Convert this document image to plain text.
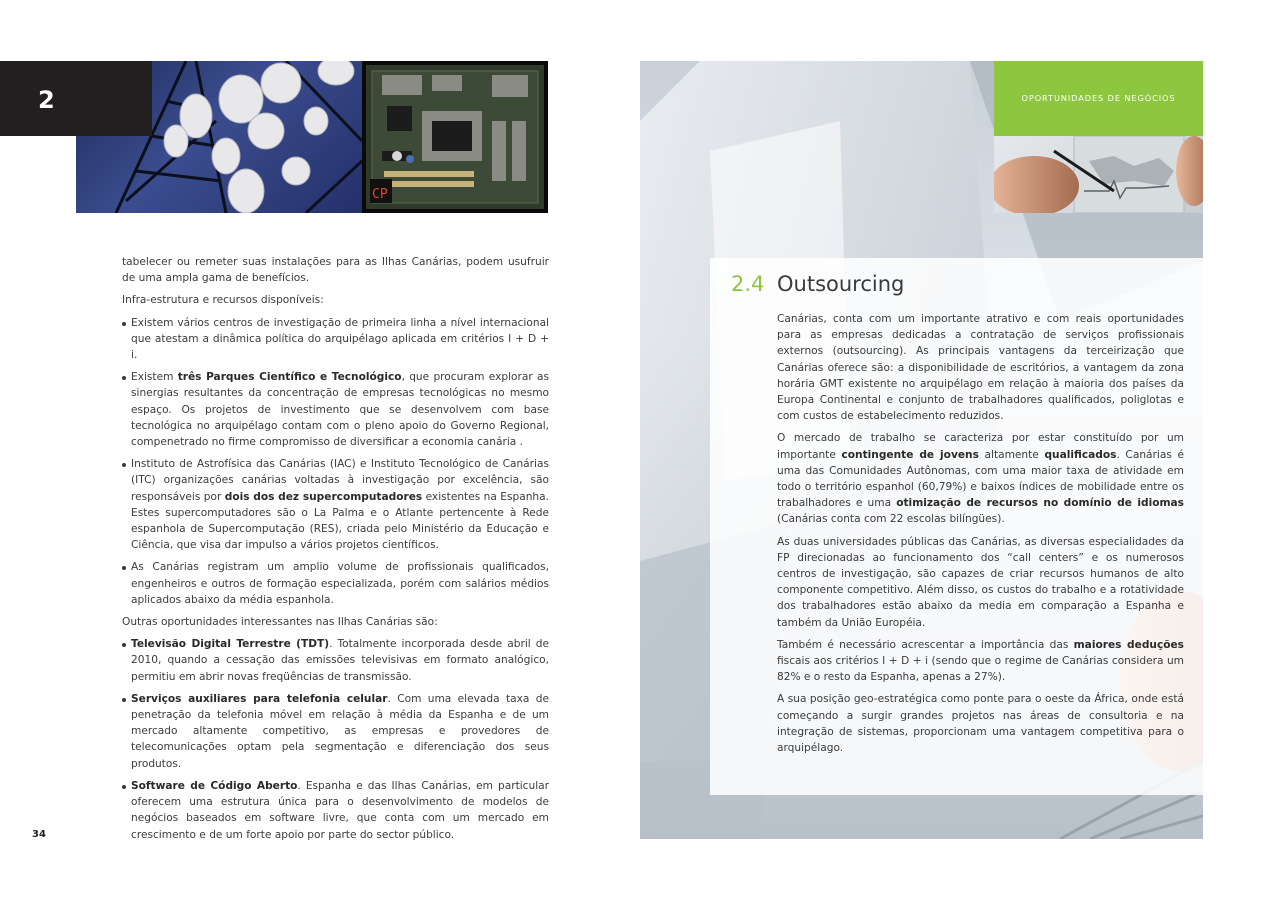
CP
2

tabelecer ou remeter suas instalações para as Ilhas Canárias, podem usufruir de uma ampla gama de benefícios.

Infra-estrutura e recursos disponíveis:

Existem vários centros de investigação de primeira linha a nível internacional que atestam a dinâmica política do arquipélago aplicada em critérios I + D + i.
Existem três Parques Científico e Tecnológico, que procuram explorar as sinergias resultantes da concentração de empresas tecnológicas no mesmo espaço. Os projetos de investimento que se desenvolvem com base tecnológica no arquipélago contam com o pleno apoio do Governo Regional, compenetrado no firme compromisso de diversificar a economia canária .
Instituto de Astrofísica das Canárias (IAC) e Instituto Tecnológico de Canárias (ITC) organizações canárias voltadas à investigação por excelência, são responsáveis por dois dos dez supercomputadores existentes na Espanha. Estes supercomputadores são o La Palma e o Atlante pertencente à Rede espanhola de Supercomputação (RES), criada pelo Ministério da Educação e Ciência, que visa dar impulso a vários projetos científicos.
As Canárias registram um amplio volume de profissionais qualificados, engenheiros e outros de formação especializada, porém com salários médios aplicados abaixo da média espanhola.

Outras oportunidades interessantes nas Ilhas Canárias são:

Televisão Digital Terrestre (TDT). Totalmente incorporada desde abril de 2010, quando a cessação das emissões televisivas em formato analógico, permitiu em abrir novas freqüências de transmissão.
Serviços auxiliares para telefonia celular. Com uma elevada taxa de penetração da telefonia móvel em relação à média da Espanha e de um mercado altamente competitivo, as empresas e provedores de telecomunicações optam pela segmentação e diferenciação dos seus produtos.
Software de Código Aberto. Espanha e das Ilhas Canárias, em particular oferecem uma estrutura única para o desenvolvimento de modelos de negócios baseados em software livre, que conta com um mercado em crescimento e de um forte apoio por parte do sector público.
34
OPORTUNIDADES DE NEGÓCIOS
2.4 Outsourcing

Canárias, conta com um importante atrativo e com reais oportunidades para as empresas dedicadas a contratação de serviços profissionais externos (outsourcing). As principais vantagens da terceirização que Canárias oferece são: a disponibilidade de escritórios, a vantagem da zona horária GMT existente no arquipélago em relação à maioria dos países da Europa Continental e conjunto de trabalhadores qualificados, poliglotas e com custos de estabelecimento reduzidos.

O mercado de trabalho se caracteriza por estar constituído por um importante contingente de jovens altamente qualificados. Canárias é uma das Comunidades Autônomas, com uma maior taxa de atividade em todo o território espanhol (60,79%) e baixos índices de mobilidade entre os trabalhadores e uma otimização de recursos no domínio de idiomas (Canárias conta com 22 escolas bilíngües).

As duas universidades públicas das Canárias, as diversas especialidades da FP direcionadas ao funcionamento dos “call centers” e os numerosos centros de investigação, são capazes de criar recursos humanos de alto componente competitivo. Além disso, os custos do trabalho e a rotatividade dos trabalhadores estão abaixo da media em comparação a Espanha e também da União Européia.

Também é necessário acrescentar a importância das maiores deduções fiscais aos critérios I + D + i (sendo que o regime de Canárias considera um 82% e o resto da Espanha, apenas a 27%).

A sua posição geo-estratégica como ponte para o oeste da África, onde está começando a surgir grandes projetos nas áreas de consultoria e na integração de sistemas, proporcionam uma vantagem competitiva para o arquipélago.
